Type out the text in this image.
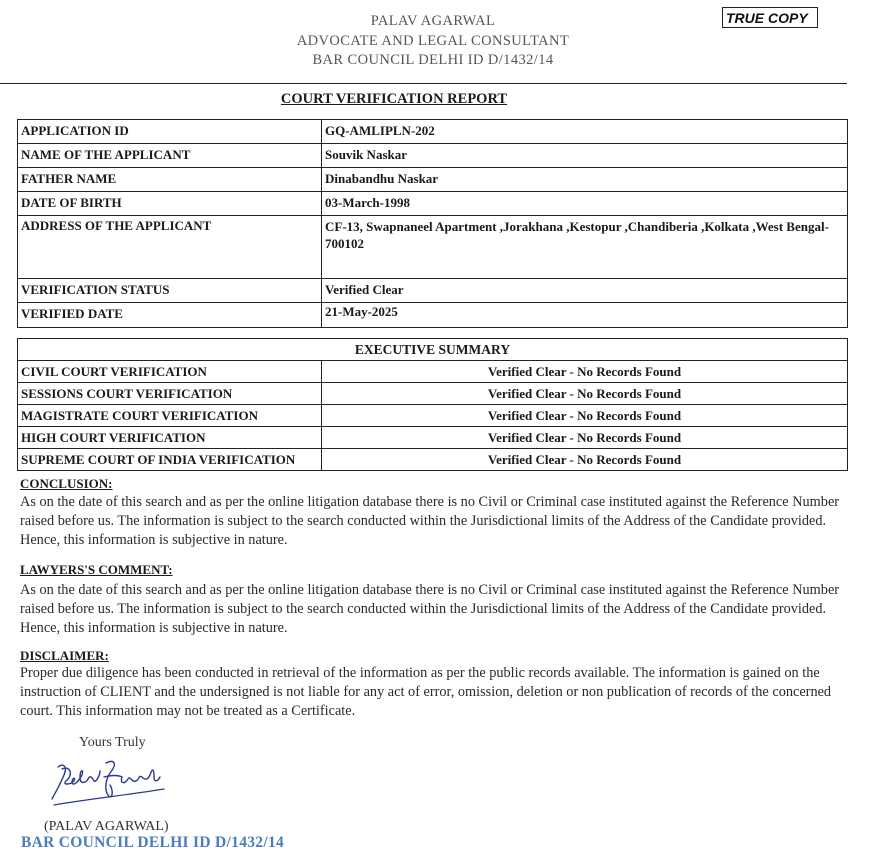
PALAV AGARWAL
ADVOCATE AND LEGAL CONSULTANT
BAR COUNCIL DELHI ID D/1432/14
TRUE COPY
COURT VERIFICATION REPORT
APPLICATION ID	GQ-AMLIPLN-202
NAME OF THE APPLICANT	Souvik Naskar
FATHER NAME	Dinabandhu Naskar
DATE OF BIRTH	03-March-1998
ADDRESS OF THE APPLICANT	CF-13, Swapnaneel Apartment ,Jorakhana ,Kestopur ,Chandiberia ,Kolkata ,West Bengal-700102
VERIFICATION STATUS	Verified Clear
VERIFIED DATE	21-May-2025
EXECUTIVE SUMMARY	
CIVIL COURT VERIFICATION	Verified Clear - No Records Found
SESSIONS COURT VERIFICATION	Verified Clear - No Records Found
MAGISTRATE COURT VERIFICATION	Verified Clear - No Records Found
HIGH COURT VERIFICATION	Verified Clear - No Records Found
SUPREME COURT OF INDIA VERIFICATION	Verified Clear - No Records Found
CONCLUSION:
As on the date of this search and as per the online litigation database there is no Civil or Criminal case instituted against the Reference Number raised before us. The information is subject to the search conducted within the Jurisdictional limits of the Address of the Candidate provided. Hence, this information is subjective in nature.
LAWYERS'S COMMENT:
As on the date of this search and as per the online litigation database there is no Civil or Criminal case instituted against the Reference Number raised before us. The information is subject to the search conducted within the Jurisdictional limits of the Address of the Candidate provided. Hence, this information is subjective in nature.
DISCLAIMER:
Proper due diligence has been conducted in retrieval of the information as per the public records available. The information is gained on the instruction of CLIENT and the undersigned is not liable for any act of error, omission, deletion or non publication of records of the concerned court. This information may not be treated as a Certificate.
Yours Truly
(PALAV AGARWAL)
BAR COUNCIL DELHI ID D/1432/14
